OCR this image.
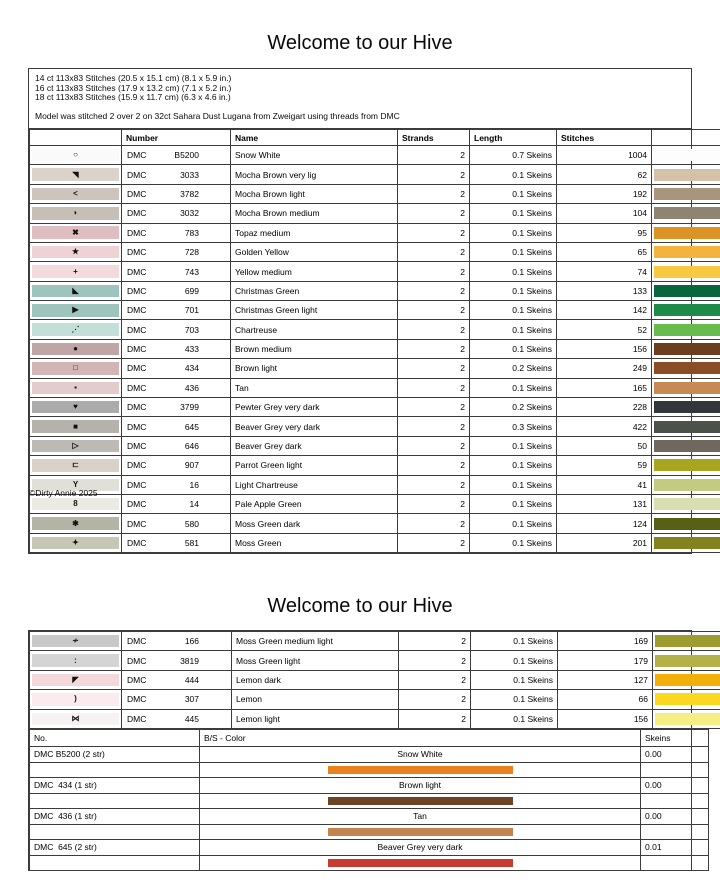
Welcome to our Hive
14 ct 113x83 Stitches (20.5 x 15.1 cm) (8.1 x 5.9 in.)
16 ct 113x83 Stitches (17.9 x 13.2 cm) (7.1 x 5.2 in.)
18 ct 113x83 Stitches (15.9 x 11.7 cm) (6.3 x 4.6 in.)
Model was stitched 2 over 2 on 32ct Sahara Dust Lugana from Zweigart using threads from DMC
	Number	Name	Strands	Length	Stitches	

○	DMC B5200	Snow White	2	0.7 Skeins	1004	

◥	DMC 3033	Mocha Brown very lig	2	0.1 Skeins	62	

<	DMC 3782	Mocha Brown light	2	0.1 Skeins	192	

◗	DMC 3032	Mocha Brown medium	2	0.1 Skeins	104	

✖	DMC 783	Topaz medium	2	0.1 Skeins	95	

★	DMC 728	Golden Yellow	2	0.1 Skeins	65	

+	DMC 743	Yellow medium	2	0.1 Skeins	74	

◣	DMC 699	Christmas Green	2	0.1 Skeins	133	

▶	DMC 701	Christmas Green light	2	0.1 Skeins	142	

⋰	DMC 703	Chartreuse	2	0.1 Skeins	52	

●	DMC 433	Brown medium	2	0.1 Skeins	156	

□	DMC 434	Brown light	2	0.2 Skeins	249	

▪	DMC 436	Tan	2	0.1 Skeins	165	

♥	DMC 3799	Pewter Grey very dark	2	0.2 Skeins	228	

■	DMC 645	Beaver Grey very dark	2	0.3 Skeins	422	

▷	DMC 646	Beaver Grey dark	2	0.1 Skeins	50	

⊏	DMC 907	Parrot Green light	2	0.1 Skeins	59	

Y	DMC 16	Light Chartreuse	2	0.1 Skeins	41	

8	DMC 14	Pale Apple Green	2	0.1 Skeins	131	

✱	DMC 580	Moss Green dark	2	0.1 Skeins	124	

✦	DMC 581	Moss Green	2	0.1 Skeins	201	
©Dirty Annie 2025
Welcome to our Hive
≁	DMC 166	Moss Green medium light	2	0.1 Skeins	169	

:	DMC 3819	Moss Green light	2	0.1 Skeins	179	

◤	DMC 444	Lemon dark	2	0.1 Skeins	127	

)	DMC 307	Lemon	2	0.1 Skeins	66	

⋈	DMC 445	Lemon light	2	0.1 Skeins	156	
No.	B/S - Color	Skeins
DMC B5200 (2 str)	Snow White	0.00

DMC  434 (1 str)	Brown light	0.00

DMC  436 (1 str)	Tan	0.00

DMC  645 (2 str)	Beaver Grey very dark	0.01
